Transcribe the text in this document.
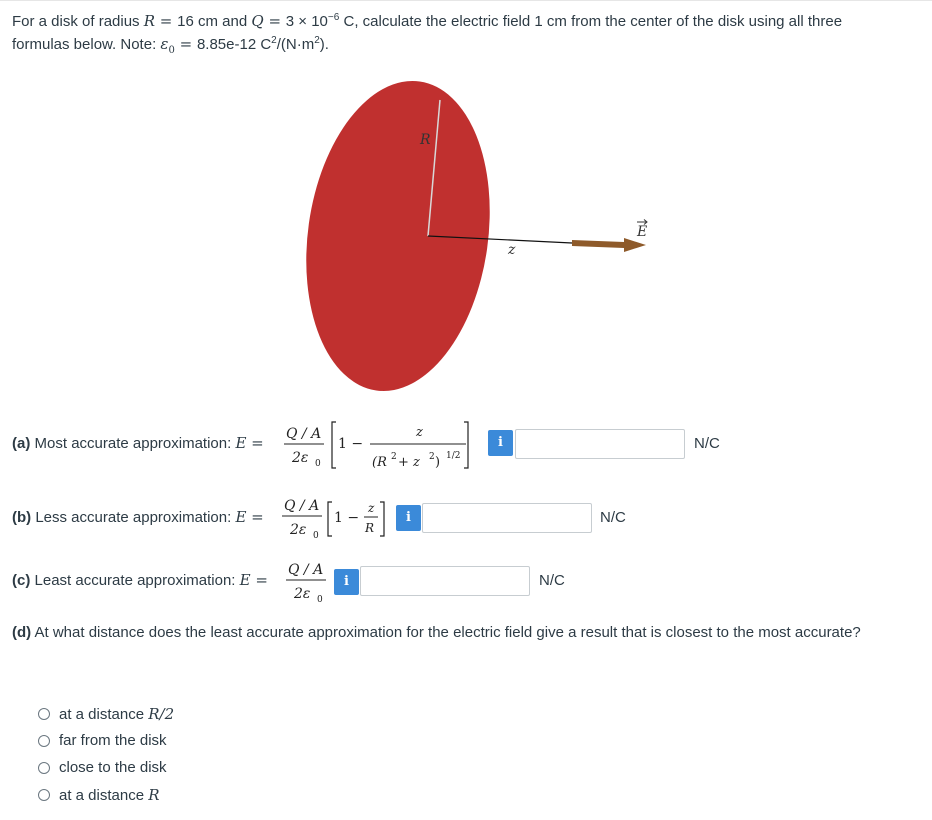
For a disk of radius R = 16 cm and $Q = 3 \times 10^{-6}$ C, calculate the electric field 1 cm from the center of the disk using all three
formulas below. Note: $\varepsilon_0 = 8.85e-12$ $C^2/(N\cdot m^2)$.
R
z
E
(a) Most accurate approximation: E = Q / A
2ε 0
1 −
z
(R 2 + z 2 ) 1/2
i	N/C
(b) Less accurate approximation: E =
Q / A
2ε 0
1 −
z
R
i	N/C
(c) Least accurate approximation: E =
Q / A
2ε 0
i	N/C
(d) At what distance does the least accurate approximation for the electric field give a result that is closest to the most accurate?
at a distance R/2
far from the disk
close to the disk
at a distance R
